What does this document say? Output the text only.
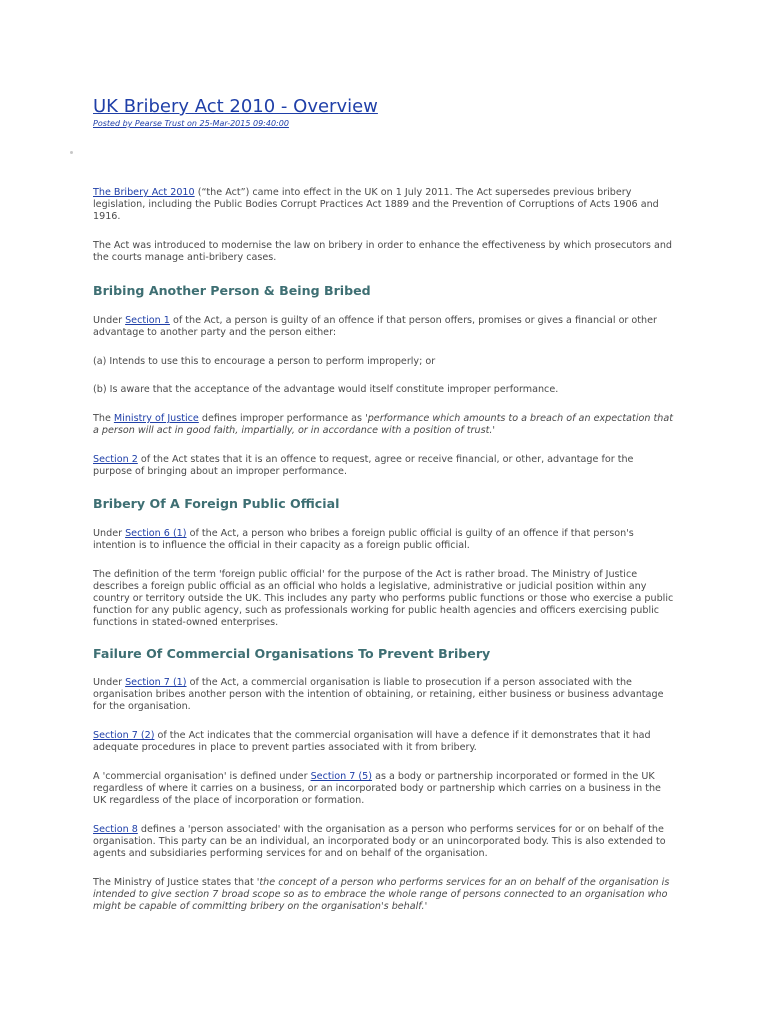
UK Bribery Act 2010 - Overview
Posted by Pearse Trust on 25-Mar-2015 09:40:00

The Bribery Act 2010 (“the Act”) came into effect in the UK on 1 July 2011. The Act supersedes previous bribery legislation, including the Public Bodies Corrupt Practices Act 1889 and the Prevention of Corruptions of Acts 1906 and 1916.

The Act was introduced to modernise the law on bribery in order to enhance the effectiveness by which prosecutors and the courts manage anti-bribery cases.

Bribing Another Person & Being Bribed

Under Section 1 of the Act, a person is guilty of an offence if that person offers, promises or gives a financial or other advantage to another party and the person either:

(a) Intends to use this to encourage a person to perform improperly; or

(b) Is aware that the acceptance of the advantage would itself constitute improper performance.

The Ministry of Justice defines improper performance as 'performance which amounts to a breach of an expectation that a person will act in good faith, impartially, or in accordance with a position of trust.'

Section 2 of the Act states that it is an offence to request, agree or receive financial, or other, advantage for the purpose of bringing about an improper performance.

Bribery Of A Foreign Public Official

Under Section 6 (1) of the Act, a person who bribes a foreign public official is guilty of an offence if that person's intention is to influence the official in their capacity as a foreign public official.

The definition of the term 'foreign public official' for the purpose of the Act is rather broad. The Ministry of Justice describes a foreign public official as an official who holds a legislative, administrative or judicial position within any country or territory outside the UK. This includes any party who performs public functions or those who exercise a public function for any public agency, such as professionals working for public health agencies and officers exercising public functions in stated-owned enterprises.

Failure Of Commercial Organisations To Prevent Bribery

Under Section 7 (1) of the Act, a commercial organisation is liable to prosecution if a person associated with the organisation bribes another person with the intention of obtaining, or retaining, either business or business advantage for the organisation.

Section 7 (2) of the Act indicates that the commercial organisation will have a defence if it demonstrates that it had adequate procedures in place to prevent parties associated with it from bribery.

A 'commercial organisation' is defined under Section 7 (5) as a body or partnership incorporated or formed in the UK regardless of where it carries on a business, or an incorporated body or partnership which carries on a business in the UK regardless of the place of incorporation or formation.

Section 8 defines a 'person associated' with the organisation as a person who performs services for or on behalf of the organisation. This party can be an individual, an incorporated body or an unincorporated body. This is also extended to agents and subsidiaries performing services for and on behalf of the organisation.

The Ministry of Justice states that 'the concept of a person who performs services for an on behalf of the organisation is intended to give section 7 broad scope so as to embrace the whole range of persons connected to an organisation who might be capable of committing bribery on the organisation's behalf.'
